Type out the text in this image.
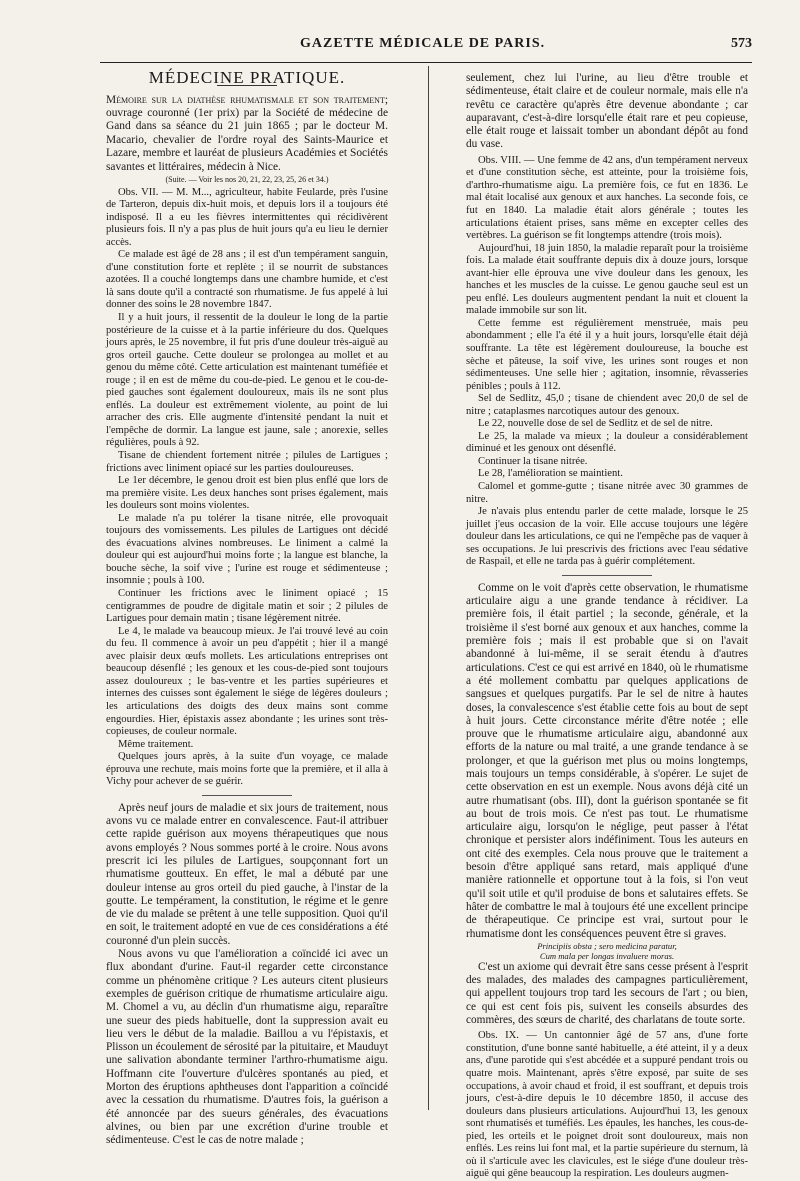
GAZETTE MÉDICALE DE PARIS.	573

MÉDECINE PRATIQUE.

Mémoire sur la diathèse rhumatismale et son traitement; ouvrage couronné (1er prix) par la Société de médecine de Gand dans sa séance du 21 juin 1865 ; par le docteur M. Macario, chevalier de l'ordre royal des Saints-Maurice et Lazare, membre et lauréat de plusieurs Académies et Sociétés savantes et littéraires, médecin à Nice.

(Suite. — Voir les nos 20, 21, 22, 23, 25, 26 et 34.)

Obs. VII. — M. M..., agriculteur, habite Feularde, près l'usine de Tarteron, depuis dix-huit mois, et depuis lors il a toujours été indisposé. Il a eu les fièvres intermittentes qui récidivèrent plusieurs fois. Il n'y a pas plus de huit jours qu'a eu lieu le dernier accès.

Ce malade est âgé de 28 ans ; il est d'un tempérament sanguin, d'une constitution forte et replète ; il se nourrit de substances azotées. Il a couché longtemps dans une chambre humide, et c'est là sans doute qu'il a contracté son rhumatisme. Je fus appelé à lui donner des soins le 28 novembre 1847.

Il y a huit jours, il ressentit de la douleur le long de la partie postérieure de la cuisse et à la partie inférieure du dos. Quelques jours après, le 25 novembre, il fut pris d'une douleur très-aiguë au gros orteil gauche. Cette douleur se prolongea au mollet et au genou du même côté. Cette articulation est maintenant tuméfiée et rouge ; il en est de même du cou-de-pied. Le genou et le cou-de-pied gauches sont également douloureux, mais ils ne sont plus enflés. La douleur est extrêmement violente, au point de lui arracher des cris. Elle augmente d'intensité pendant la nuit et l'empêche de dormir. La langue est jaune, sale ; anorexie, selles régulières, pouls à 92.

Tisane de chiendent fortement nitrée ; pilules de Lartigues ; frictions avec liniment opiacé sur les parties douloureuses.

Le 1er décembre, le genou droit est bien plus enflé que lors de ma première visite. Les deux hanches sont prises également, mais les douleurs sont moins violentes.

Le malade n'a pu tolérer la tisane nitrée, elle provoquait toujours des vomissements. Les pilules de Lartigues ont décidé des évacuations alvines nombreuses. Le liniment a calmé la douleur qui est aujourd'hui moins forte ; la langue est blanche, la bouche sèche, la soif vive ; l'urine est rouge et sédimenteuse ; insomnie ; pouls à 100.

Continuer les frictions avec le liniment opiacé ; 15 centigrammes de poudre de digitale matin et soir ; 2 pilules de Lartigues pour demain matin ; tisane légèrement nitrée.

Le 4, le malade va beaucoup mieux. Je l'ai trouvé levé au coin du feu. Il commence à avoir un peu d'appétit ; hier il a mangé avec plaisir deux œufs mollets. Les articulations entreprises ont beaucoup désenflé ; les genoux et les cous-de-pied sont toujours assez douloureux ; le bas-ventre et les parties supérieures et internes des cuisses sont également le siége de légères douleurs ; les articulations des doigts des deux mains sont comme engourdies. Hier, épistaxis assez abondante ; les urines sont très-copieuses, de couleur normale.

Même traitement.

Quelques jours après, à la suite d'un voyage, ce malade éprouva une rechute, mais moins forte que la première, et il alla à Vichy pour achever de se guérir.

Après neuf jours de maladie et six jours de traitement, nous avons vu ce malade entrer en convalescence. Faut-il attribuer cette rapide guérison aux moyens thérapeutiques que nous avons employés ? Nous sommes porté à le croire. Nous avons prescrit ici les pilules de Lartigues, soupçonnant fort un rhumatisme goutteux. En effet, le mal a débuté par une douleur intense au gros orteil du pied gauche, à l'instar de la goutte. Le tempérament, la constitution, le régime et le genre de vie du malade se prêtent à une telle supposition. Quoi qu'il en soit, le traitement adopté en vue de ces considérations a été couronné d'un plein succès.

Nous avons vu que l'amélioration a coïncidé ici avec un flux abondant d'urine. Faut-il regarder cette circonstance comme un phénomène critique ? Les auteurs citent plusieurs exemples de guérison critique de rhumatisme articulaire aigu. M. Chomel a vu, au déclin d'un rhumatisme aigu, reparaître une sueur des pieds habituelle, dont la suppression avait eu lieu vers le début de la maladie. Baillou a vu l'épistaxis, et Plisson un écoulement de sérosité par la pituitaire, et Mauduyt une salivation abondante terminer l'arthro-rhumatisme aigu. Hoffmann cite l'ouverture d'ulcères spontanés au pied, et Morton des éruptions aphtheuses dont l'apparition a coïncidé avec la cessation du rhumatisme. D'autres fois, la guérison a été annoncée par des sueurs générales, des évacuations alvines, ou bien par une excrétion d'urine trouble et sédimenteuse. C'est le cas de notre malade ;

seulement, chez lui l'urine, au lieu d'être trouble et sédimenteuse, était claire et de couleur normale, mais elle n'a revêtu ce caractère qu'après être devenue abondante ; car auparavant, c'est-à-dire lorsqu'elle était rare et peu copieuse, elle était rouge et laissait tomber un abondant dépôt au fond du vase.

Obs. VIII. — Une femme de 42 ans, d'un tempérament nerveux et d'une constitution sèche, est atteinte, pour la troisième fois, d'arthro-rhumatisme aigu. La première fois, ce fut en 1836. Le mal était localisé aux genoux et aux hanches. La seconde fois, ce fut en 1840. La maladie était alors générale ; toutes les articulations étaient prises, sans même en excepter celles des vertèbres. La guérison se fit longtemps attendre (trois mois).

Aujourd'hui, 18 juin 1850, la maladie reparaît pour la troisième fois. La malade était souffrante depuis dix à douze jours, lorsque avant-hier elle éprouva une vive douleur dans les genoux, les hanches et les muscles de la cuisse. Le genou gauche seul est un peu enflé. Les douleurs augmentent pendant la nuit et clouent la malade immobile sur son lit.

Cette femme est régulièrement menstruée, mais peu abondamment ; elle l'a été il y a huit jours, lorsqu'elle était déjà souffrante. La tête est légèrement douloureuse, la bouche est sèche et pâteuse, la soif vive, les urines sont rouges et non sédimenteuses. Une selle hier ; agitation, insomnie, rêvasseries pénibles ; pouls à 112.

Sel de Sedlitz, 45,0 ; tisane de chiendent avec 20,0 de sel de nitre ; cataplasmes narcotiques autour des genoux.

Le 22, nouvelle dose de sel de Sedlitz et de sel de nitre.

Le 25, la malade va mieux ; la douleur a considérablement diminué et les genoux ont désenflé.

Continuer la tisane nitrée.

Le 28, l'amélioration se maintient.

Calomel et gomme-gutte ; tisane nitrée avec 30 grammes de nitre.

Je n'avais plus entendu parler de cette malade, lorsque le 25 juillet j'eus occasion de la voir. Elle accuse toujours une légère douleur dans les articulations, ce qui ne l'empêche pas de vaquer à ses occupations. Je lui prescrivis des frictions avec l'eau sédative de Raspail, et elle ne tarda pas à guérir complétement.

Comme on le voit d'après cette observation, le rhumatisme articulaire aigu a une grande tendance à récidiver. La première fois, il était partiel ; la seconde, générale, et la troisième il s'est borné aux genoux et aux hanches, comme la première fois ; mais il est probable que si on l'avait abandonné à lui-même, il se serait étendu à d'autres articulations. C'est ce qui est arrivé en 1840, où le rhumatisme a été mollement combattu par quelques applications de sangsues et quelques purgatifs. Par le sel de nitre à hautes doses, la convalescence s'est établie cette fois au bout de sept à huit jours. Cette circonstance mérite d'être notée ; elle prouve que le rhumatisme articulaire aigu, abandonné aux efforts de la nature ou mal traité, a une grande tendance à se prolonger, et que la guérison met plus ou moins longtemps, mais toujours un temps considérable, à s'opérer. Le sujet de cette observation en est un exemple. Nous avons déjà cité un autre rhumatisant (obs. III), dont la guérison spontanée se fit au bout de trois mois. Ce n'est pas tout. Le rhumatisme articulaire aigu, lorsqu'on le néglige, peut passer à l'état chronique et persister alors indéfiniment. Tous les auteurs en ont cité des exemples. Cela nous prouve que le traitement a besoin d'être appliqué sans retard, mais appliqué d'une manière rationnelle et opportune tout à la fois, si l'on veut qu'il soit utile et qu'il produise de bons et salutaires effets. Se hâter de combattre le mal à toujours été une excellent principe de thérapeutique. Ce principe est vrai, surtout pour le rhumatisme dont les conséquences peuvent être si graves.

Principiis obsta ; sero medicina paratur,

Cum mala per longas invaluere moras.

C'est un axiome qui devrait être sans cesse présent à l'esprit des malades, des malades des campagnes particulièrement, qui appellent toujours trop tard les secours de l'art ; ou bien, ce qui est cent fois pis, suivent les conseils absurdes des commères, des sœurs de charité, des charlatans de toute sorte.

Obs. IX. — Un cantonnier âgé de 57 ans, d'une forte constitution, d'une bonne santé habituelle, a été atteint, il y a deux ans, d'une parotide qui s'est abcédée et a suppuré pendant trois ou quatre mois. Maintenant, après s'être exposé, par suite de ses occupations, à avoir chaud et froid, il est souffrant, et depuis trois jours, c'est-à-dire depuis le 10 décembre 1850, il accuse des douleurs dans plusieurs articulations. Aujourd'hui 13, les genoux sont rhumatisés et tuméfiés. Les épaules, les hanches, les cous-de-pied, les orteils et le poignet droit sont douloureux, mais non enflés. Les reins lui font mal, et la partie supérieure du sternum, là où il s'articule avec les clavicules, est le siége d'une douleur très-aiguë qui gêne beaucoup la respiration. Les douleurs augmen-
